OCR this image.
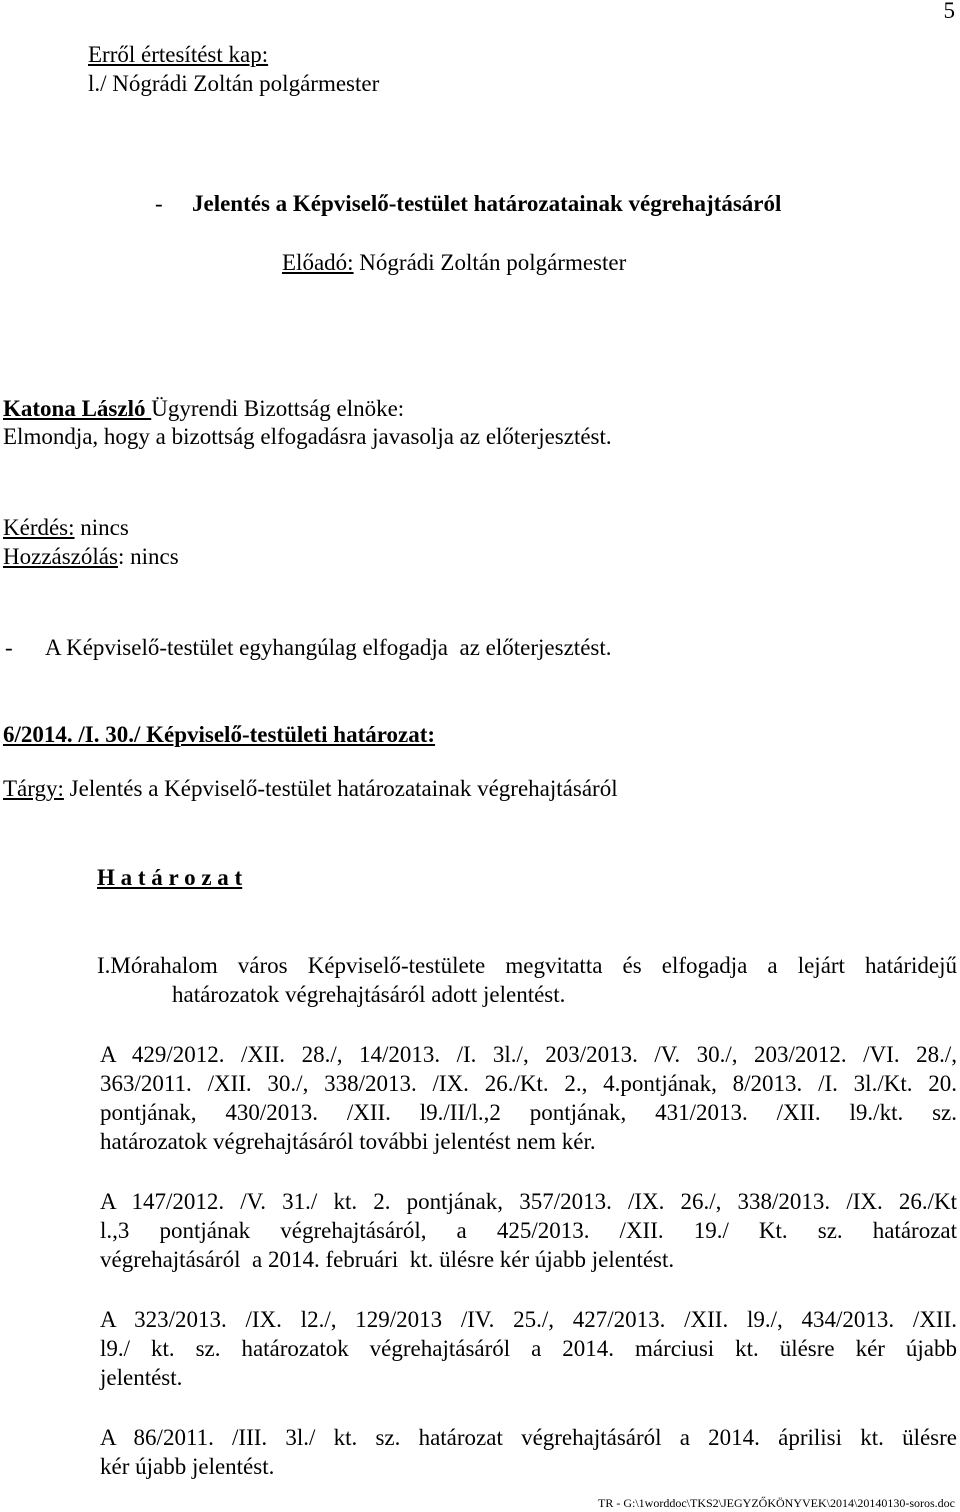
5
Erről értesítést kap:
l./ Nógrádi Zoltán polgármester
- Jelentés a Képviselő-testület határozatainak végrehajtásáról
Előadó: Nógrádi Zoltán polgármester
Katona László Ügyrendi Bizottság elnöke:
Elmondja, hogy a bizottság elfogadásra javasolja az előterjesztést.
Kérdés: nincs
Hozzászólás: nincs
- A Képviselő-testület egyhangúlag elfogadja  az előterjesztést.
6/2014. /I. 30./ Képviselő-testületi határozat:
Tárgy: Jelentés a Képviselő-testület határozatainak végrehajtásáról
H a t á r o z a t
I.Mórahalom város Képviselő-testülete megvitatta és elfogadja a lejárt határidejű
határozatok végrehajtásáról adott jelentést.
A 429/2012. /XII. 28./, 14/2013. /I. 3l./, 203/2013. /V. 30./, 203/2012. /VI. 28./,
363/2011. /XII. 30./, 338/2013. /IX. 26./Kt. 2., 4.pontjának, 8/2013. /I. 3l./Kt. 20.
pontjának, 430/2013. /XII. l9./II/l.,2 pontjának, 431/2013. /XII. l9./kt. sz.
határozatok végrehajtásáról további jelentést nem kér.
A 147/2012. /V. 31./ kt. 2. pontjának, 357/2013. /IX. 26./, 338/2013. /IX. 26./Kt
l.,3 pontjának végrehajtásáról, a 425/2013. /XII. 19./ Kt. sz. határozat
végrehajtásáról  a 2014. februári  kt. ülésre kér újabb jelentést.
A 323/2013. /IX. l2./, 129/2013 /IV. 25./, 427/2013. /XII. l9./, 434/2013. /XII.
l9./ kt. sz. határozatok végrehajtásáról a 2014. márciusi kt. ülésre kér újabb
jelentést.
A 86/2011. /III. 3l./ kt. sz. határozat végrehajtásáról a 2014. áprilisi kt. ülésre
kér újabb jelentést.
TR - G:\1worddoc\TKS2\JEGYZŐKÖNYVEK\2014\20140130-soros.doc
